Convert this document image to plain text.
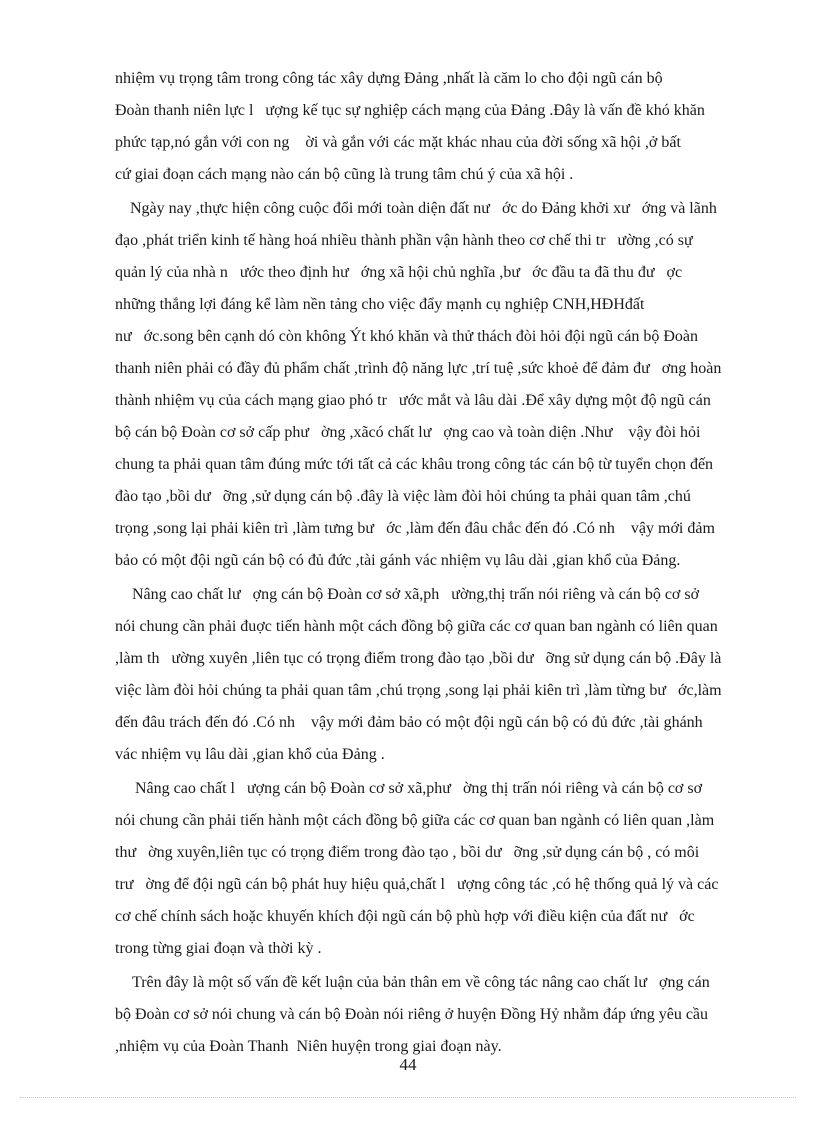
nhiệm vụ trọng tâm trong công tác xây dựng Đảng ,nhất là căm lo cho đội ngũ cán bộ
Đoàn thanh niên lực l   ượng kế tục sự nghiệp cách mạng của Đảng .Đây là vấn đề khó khăn
phức tạp,nó gắn với con ng    ời và gắn với các mặt khác nhau của đời sống xã hội ,ở bất
cứ giai đoạn cách mạng nào cán bộ cũng là trung tâm chú ý của xã hội .
Ngày nay ,thực hiện công cuộc đổi mới toàn diện đất nư   ớc do Đảng khởi xư   ớng và lãnh
đạo ,phát triển kinh tế hàng hoá nhiều thành phần vận hành theo cơ chế thi tr   ường ,có sự
quản lý của nhà n   ước theo định hư   ớng xã hội chủ nghĩa ,bư   ớc đầu ta đã thu đư   ợc
những thắng lợi đáng kể làm nền tảng cho việc đẩy mạnh cụ nghiệp CNH,HĐHđất
nư   ớc.song bên cạnh dó còn không Ýt khó khăn và thử thách đòi hỏi đội ngũ cán bộ Đoàn
thanh niên phải có đầy đủ phẩm chất ,trình độ năng lực ,trí tuệ ,sức khoẻ để đảm đư   ơng hoàn
thành nhiệm vụ của cách mạng giao phó tr   ước mắt và lâu dài .Để xây dựng một độ ngũ cán
bộ cán bộ Đoàn cơ sở cấp phư   ờng ,xãcó chất lư   ợng cao và toàn diện .Như    vậy đòi hỏi
chung ta phải quan tâm đúng mức tới tất cả các khâu trong công tác cán bộ từ tuyển chọn đến
đào tạo ,bồi dư   ỡng ,sử dụng cán bộ .đây là việc làm đòi hỏi chúng ta phải quan tâm ,chú
trọng ,song lại phải kiên trì ,làm tưng bư   ớc ,làm đến đâu chắc đến đó .Có nh    vậy mới đảm
bảo có một đội ngũ cán bộ có đủ đức ,tài gánh vác nhiệm vụ lâu dài ,gian khổ của Đảng.
Nâng cao chất lư   ợng cán bộ Đoàn cơ sở xã,ph   ường,thị trấn nói riêng và cán bộ cơ sở
nói chung cần phải đuợc tiến hành một cách đồng bộ giữa các cơ quan ban ngành có liên quan
,làm th   ường xuyên ,liên tục có trọng điểm trong đào tạo ,bồi dư   ỡng sử dụng cán bộ .Đây là
việc làm đòi hỏi chúng ta phải quan tâm ,chú trọng ,song lại phải kiên trì ,làm từng bư   ớc,làm
đến đâu trách đến đó .Có nh    vậy mới đảm bảo có một đội ngũ cán bộ có đủ đức ,tài ghánh
vác nhiệm vụ lâu dài ,gian khổ của Đảng .
Nâng cao chất l   ượng cán bộ Đoàn cơ sở xã,phư   ờng thị trấn nói riêng và cán bộ cơ sơ
nói chung cần phải tiến hành một cách đồng bộ giữa các cơ quan ban ngành có liên quan ,làm
thư   ờng xuyên,liên tục có trọng điểm trong đào tạo , bồi dư   ỡng ,sử dụng cán bộ , có môi
trư   ờng để đội ngũ cán bộ phát huy hiệu quả,chất l   ượng công tác ,có hệ thống quả lý và các
cơ chế chính sách hoặc khuyến khích đội ngũ cán bộ phù hợp với điều kiện của đất nư   ớc
trong từng giai đoạn và thời kỳ .
Trên đây là một số vấn đề kết luận của bản thân em về công tác nâng cao chất lư   ợng cán
bộ Đoàn cơ sở nói chung và cán bộ Đoàn nói riêng ở huyện Đồng Hỷ nhằm đáp ứng yêu cầu
,nhiệm vụ của Đoàn Thanh  Niên huyện trong giai đoạn này.
44
